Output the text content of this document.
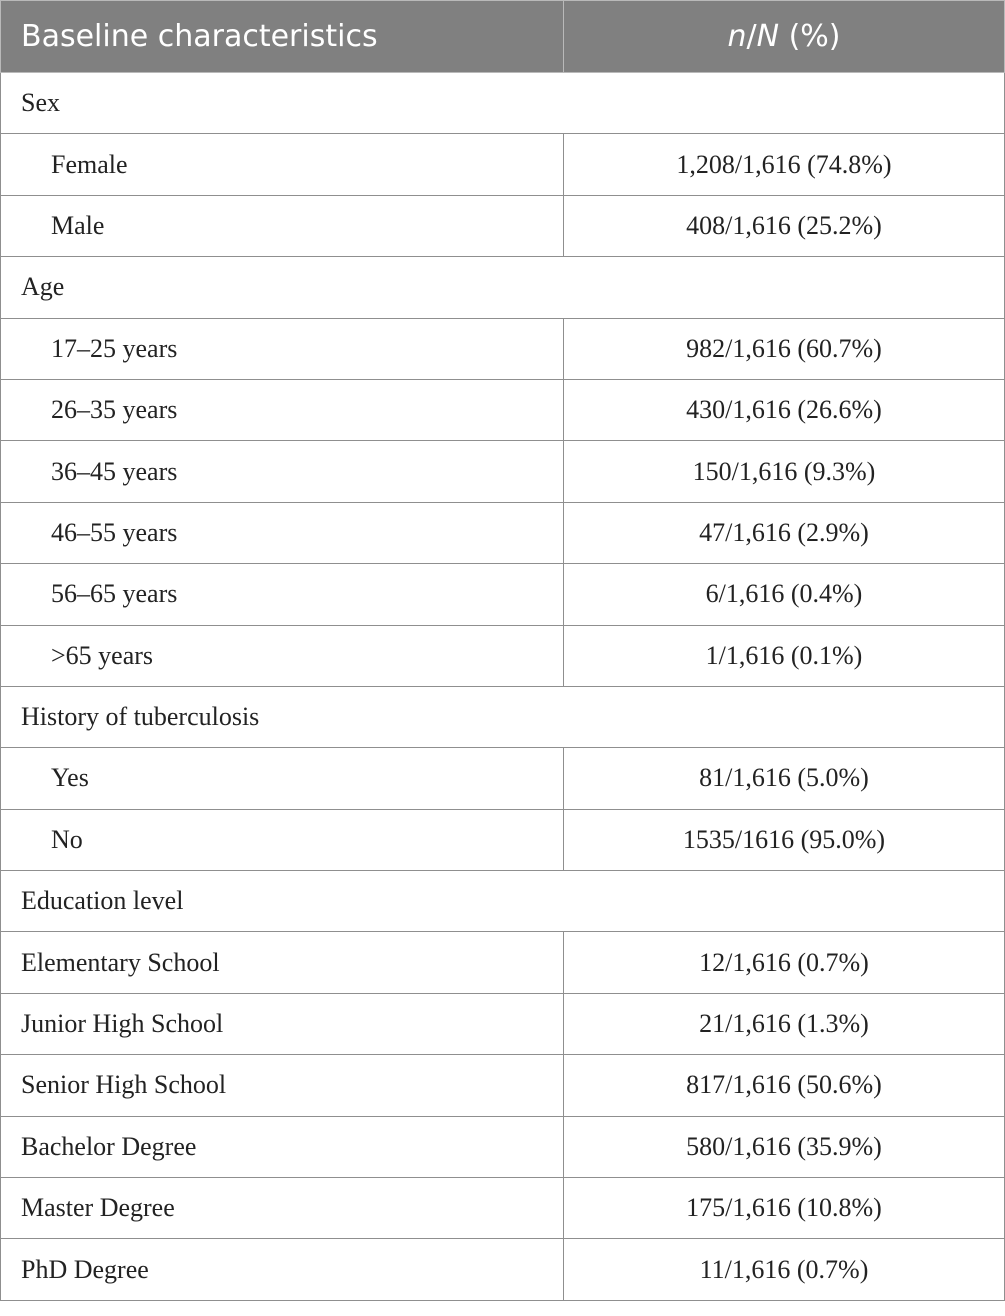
Baseline characteristics	n/N (%)
Sex	
Female	1,208/1,616 (74.8%)
Male	408/1,616 (25.2%)
Age	
17–25 years	982/1,616 (60.7%)
26–35 years	430/1,616 (26.6%)
36–45 years	150/1,616 (9.3%)
46–55 years	47/1,616 (2.9%)
56–65 years	6/1,616 (0.4%)
>65 years	1/1,616 (0.1%)
History of tuberculosis	
Yes	81/1,616 (5.0%)
No	1535/1616 (95.0%)
Education level	
Elementary School	12/1,616 (0.7%)
Junior High School	21/1,616 (1.3%)
Senior High School	817/1,616 (50.6%)
Bachelor Degree	580/1,616 (35.9%)
Master Degree	175/1,616 (10.8%)
PhD Degree	11/1,616 (0.7%)
